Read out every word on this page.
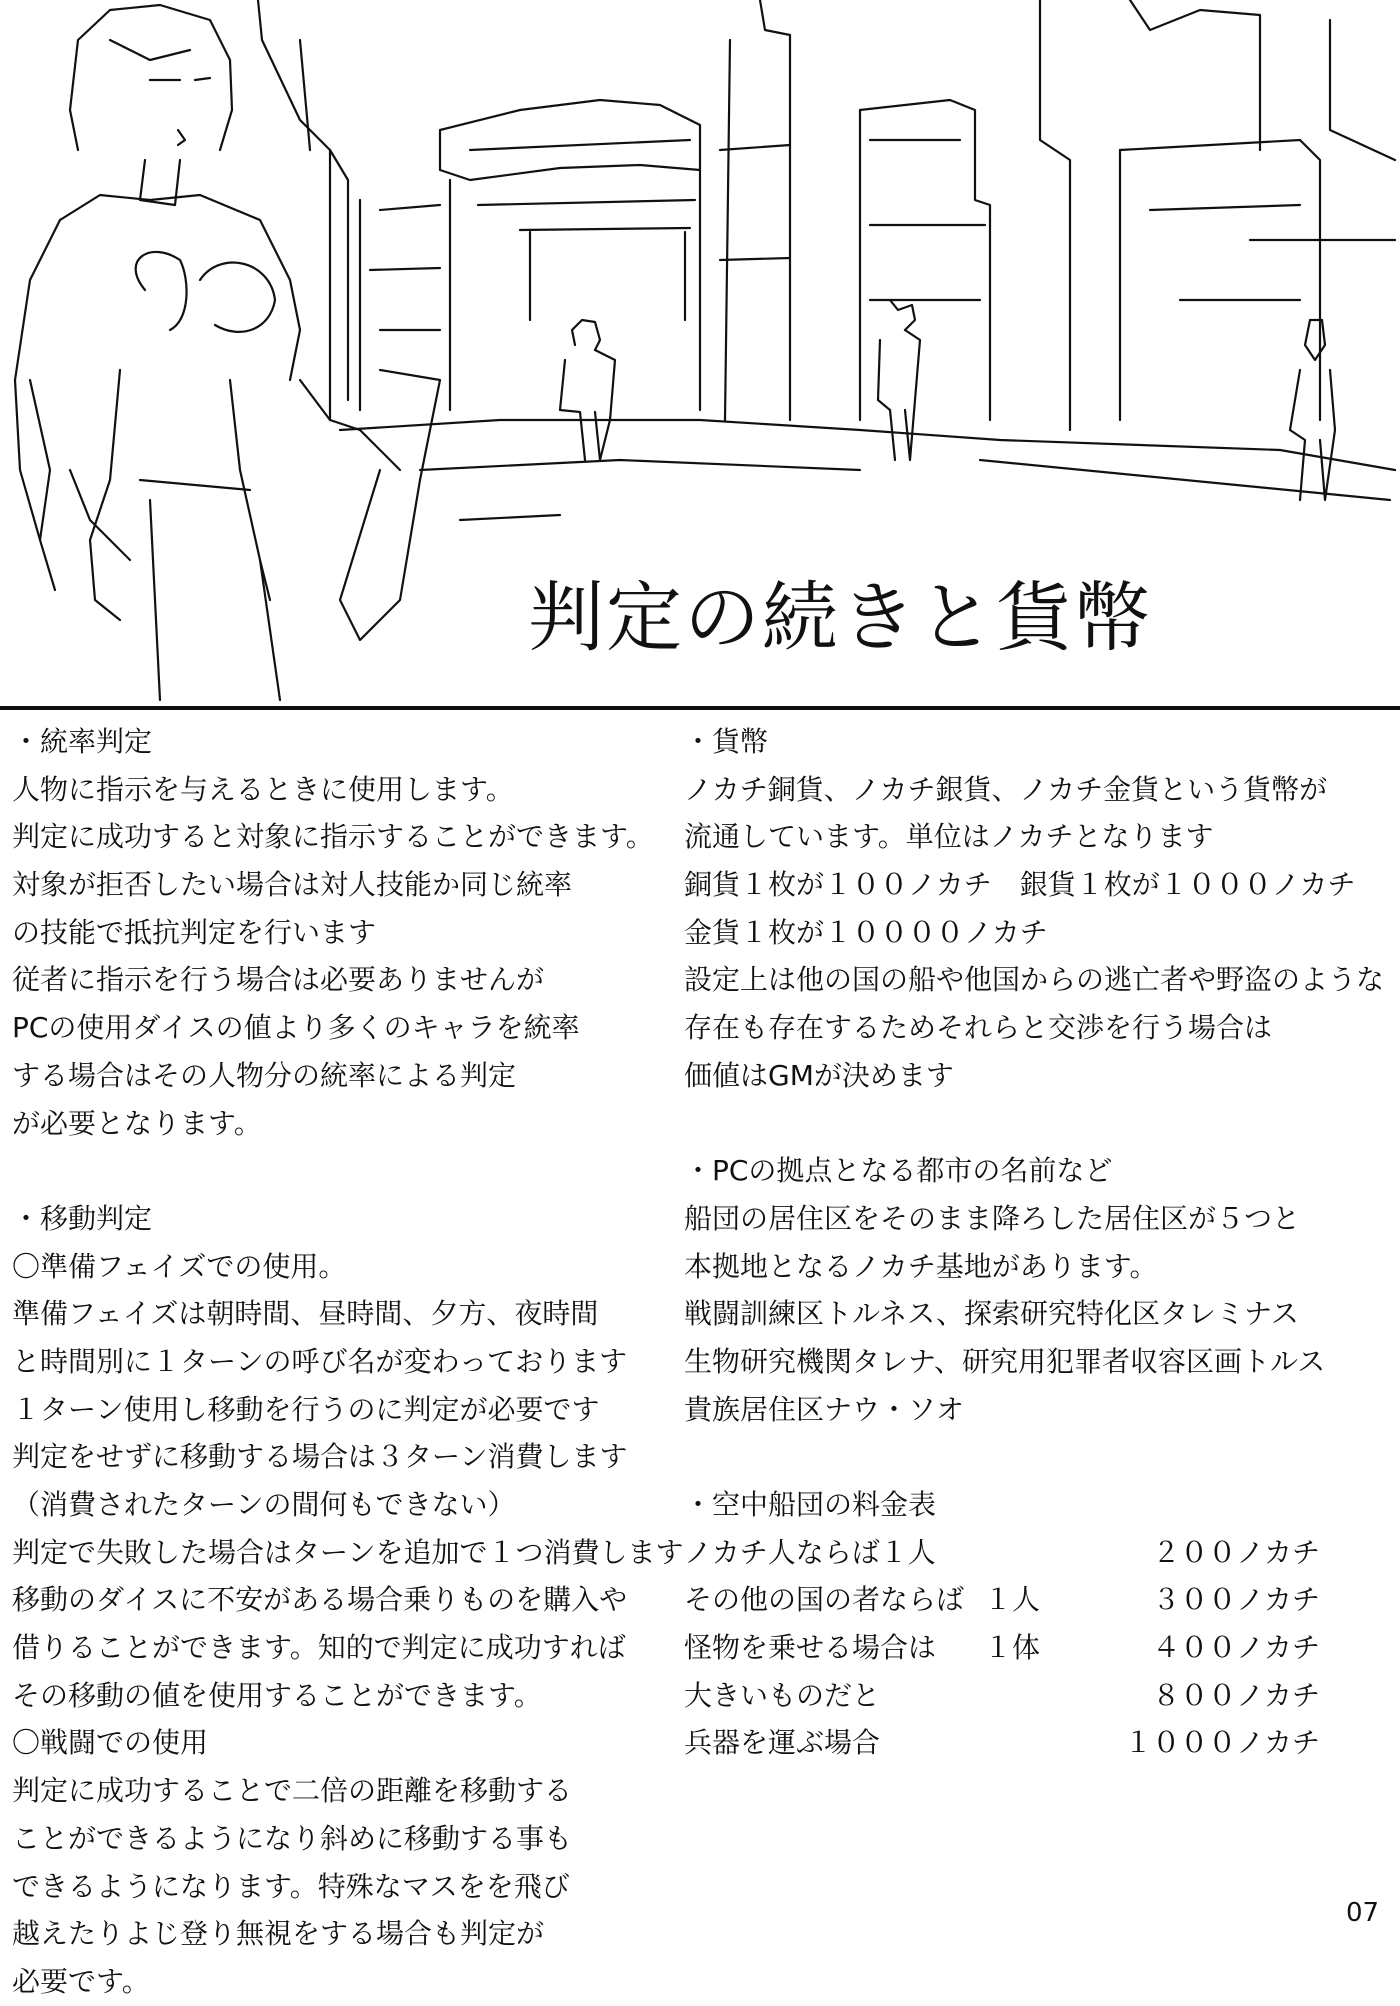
判定の続きと貨幣
・統率判定
人物に指示を与えるときに使用します。
判定に成功すると対象に指示することができます。
対象が拒否したい場合は対人技能か同じ統率
の技能で抵抗判定を行います
従者に指示を行う場合は必要ありませんが
PCの使用ダイスの値より多くのキャラを統率
する場合はその人物分の統率による判定
が必要となります。
・移動判定
〇準備フェイズでの使用。
準備フェイズは朝時間、昼時間、夕方、夜時間
と時間別に１ターンの呼び名が変わっております
１ターン使用し移動を行うのに判定が必要です
判定をせずに移動する場合は３ターン消費します
（消費されたターンの間何もできない）
判定で失敗した場合はターンを追加で１つ消費します
移動のダイスに不安がある場合乗りものを購入や
借りることができます。知的で判定に成功すれば
その移動の値を使用することができます。
〇戦闘での使用
判定に成功することで二倍の距離を移動する
ことができるようになり斜めに移動する事も
できるようになります。特殊なマスをを飛び
越えたりよじ登り無視をする場合も判定が
必要です。
・貨幣
ノカチ銅貨、ノカチ銀貨、ノカチ金貨という貨幣が
流通しています。単位はノカチとなります
銅貨１枚が１００ノカチ　銀貨１枚が１０００ノカチ
金貨１枚が１００００ノカチ
設定上は他の国の船や他国からの逃亡者や野盗のような
存在も存在するためそれらと交渉を行う場合は
価値はGMが決めます
・PCの拠点となる都市の名前など
船団の居住区をそのまま降ろした居住区が５つと
本拠地となるノカチ基地があります。
戦闘訓練区トルネス、探索研究特化区タレミナス
生物研究機関タレナ、研究用犯罪者収容区画トルス
貴族居住区ナウ・ソオ
・空中船団の料金表
ノカチ人ならば１人	２００ノカチ
その他の国の者ならば １人	３００ノカチ
怪物を乗せる場合は	１体	４００ノカチ
大きいものだと	８００ノカチ
兵器を運ぶ場合	１０００ノカチ
07
